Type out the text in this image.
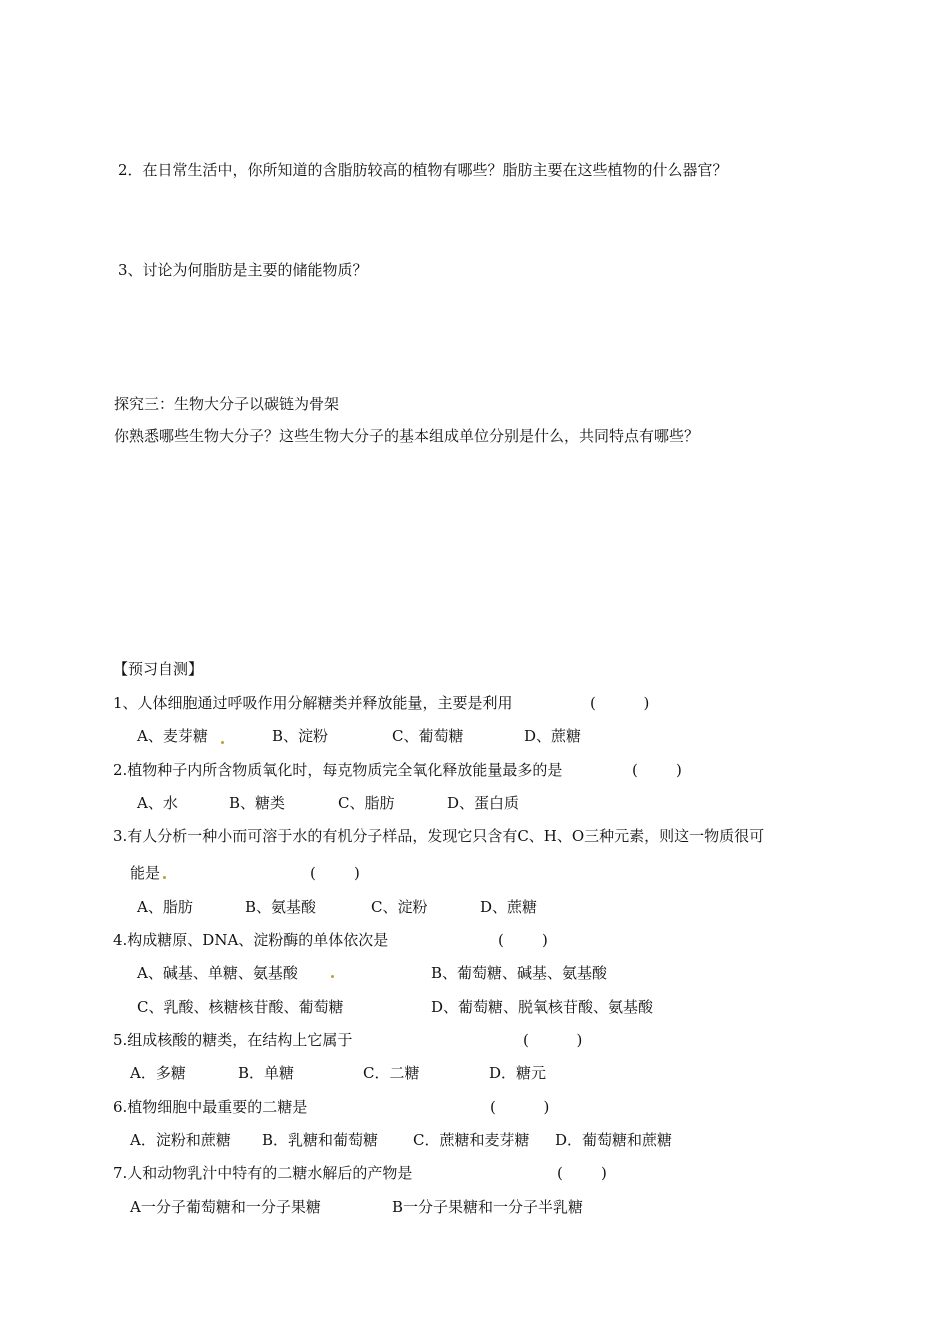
2．在日常生活中，你所知道的含脂肪较高的植物有哪些？脂肪主要在这些植物的什么器官？
3、讨论为何脂肪是主要的储能物质？
探究三：生物大分子以碳链为骨架
你熟悉哪些生物大分子？这些生物大分子的基本组成单位分别是什么，共同特点有哪些？
【预习自测】
1、人体细胞通过呼吸作用分解糖类并释放能量，主要是利用	(          )
A、麦芽糖	B、淀粉	C、葡萄糖	D、蔗糖
2.植物种子内所含物质氧化时，每克物质完全氧化释放能量最多的是	(        )
A、水	B、糖类	C、脂肪	D、蛋白质
3.有人分析一种小而可溶于水的有机分子样品，发现它只含有C、H、O三种元素，则这一物质很可
能是	(        )
A、脂肪	B、氨基酸	C、淀粉	D、蔗糖
4.构成糖原、DNA、淀粉酶的单体依次是	(        )
A、碱基、单糖、氨基酸	B、葡萄糖、碱基、氨基酸
C、乳酸、核糖核苷酸、葡萄糖	D、葡萄糖、脱氧核苷酸、氨基酸
5.组成核酸的糖类，在结构上它属于	(          )
A．多糖	B．单糖	C．二糖	D．糖元
6.植物细胞中最重要的二糖是	(          )
A．淀粉和蔗糖 B．乳糖和葡萄糖 C．蔗糖和麦芽糖 D．葡萄糖和蔗糖
7.人和动物乳汁中特有的二糖水解后的产物是	(        )
A一分子葡萄糖和一分子果糖	B一分子果糖和一分子半乳糖
